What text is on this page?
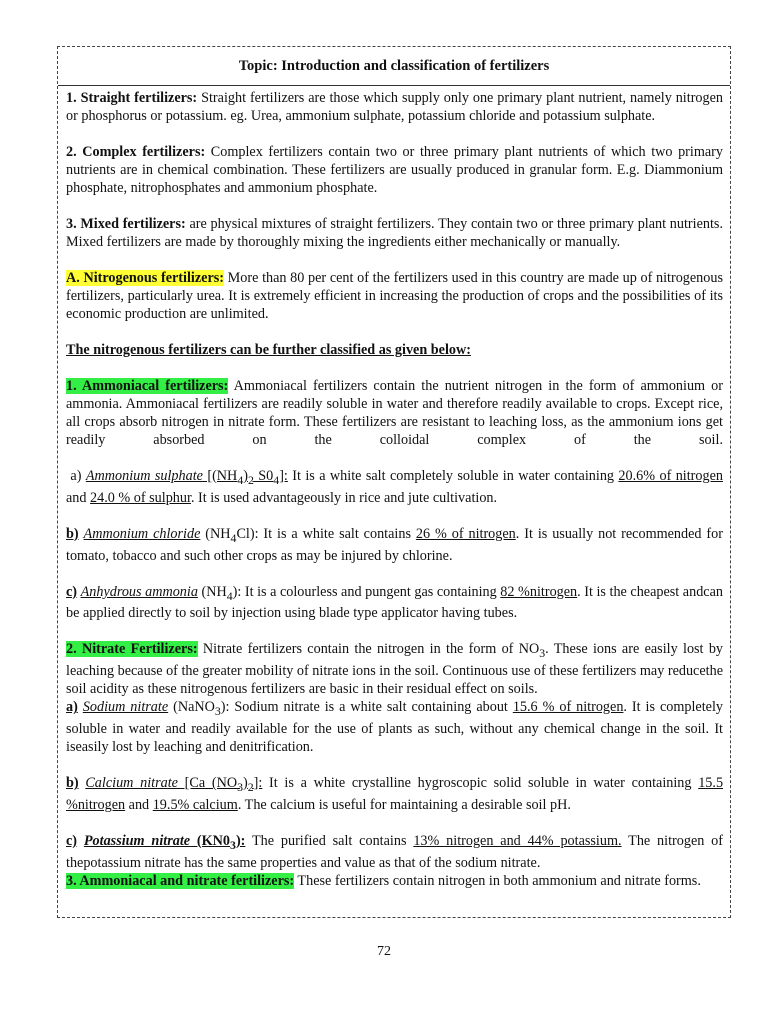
Topic: Introduction and classification of fertilizers

1. Straight fertilizers: Straight fertilizers are those which supply only one primary plant nutrient, namely nitrogen or phosphorus or potassium. eg. Urea, ammonium sulphate, potassium chloride and potassium sulphate.

2. Complex fertilizers: Complex fertilizers contain two or three primary plant nutrients of which two primary nutrients are in chemical combination. These fertilizers are usually produced in granular form. E.g. Diammonium phosphate, nitrophosphates and ammonium phosphate.

3. Mixed fertilizers: are physical mixtures of straight fertilizers. They contain two or three primary plant nutrients. Mixed fertilizers are made by thoroughly mixing the ingredients either mechanically or manually.

A. Nitrogenous fertilizers: More than 80 per cent of the fertilizers used in this country are made up of nitrogenous fertilizers, particularly urea. It is extremely efficient in increasing the production of crops and the possibilities of its economic production are unlimited.

The nitrogenous fertilizers can be further classified as given below:

1. Ammoniacal fertilizers: Ammoniacal fertilizers contain the nutrient nitrogen in the form of ammonium or ammonia. Ammoniacal fertilizers are readily soluble in water and therefore readily available to crops. Except rice, all crops absorb nitrogen in nitrate form. These fertilizers are resistant to leaching loss, as the ammonium ions get readily absorbed on the colloidal complex of the soil.

a) Ammonium sulphate [$(NH_4)_2$ $S0_4$]: It is a white salt completely soluble in water containing 20.6% of nitrogen and 24.0 % of sulphur. It is used advantageously in rice and jute cultivation.

b) Ammonium chloride $(NH_4Cl)$: It is a white salt contains 26 % of nitrogen. It is usually not recommended for tomato, tobacco and such other crops as may be injured by chlorine.

c) Anhydrous ammonia $(NH_4)$: It is a colourless and pungent gas containing 82 %nitrogen. It is the cheapest andcan be applied directly to soil by injection using blade type applicator having tubes.

2. Nitrate Fertilizers: Nitrate fertilizers contain the nitrogen in the form of $NO_3$. These ions are easily lost by leaching because of the greater mobility of nitrate ions in the soil. Continuous use of these fertilizers may reducethe soil acidity as these nitrogenous fertilizers are basic in their residual effect on soils.

a) Sodium nitrate (NaNO$_3$): Sodium nitrate is a white salt containing about 15.6 % of nitrogen. It is completely soluble in water and readily available for the use of plants as such, without any chemical change in the soil. It iseasily lost by leaching and denitrification.

b) Calcium nitrate [Ca $(NO_3)_2$]: It is a white crystalline hygroscopic solid soluble in water containing 15.5 %nitrogen and 19.5% calcium. The calcium is useful for maintaining a desirable soil pH.

c) Potassium nitrate $(KN0_3)$: The purified salt contains 13% nitrogen and 44% potassium. The nitrogen of thepotassium nitrate has the same properties and value as that of the sodium nitrate.

3. Ammoniacal and nitrate fertilizers: These fertilizers contain nitrogen in both ammonium and nitrate forms.

72
